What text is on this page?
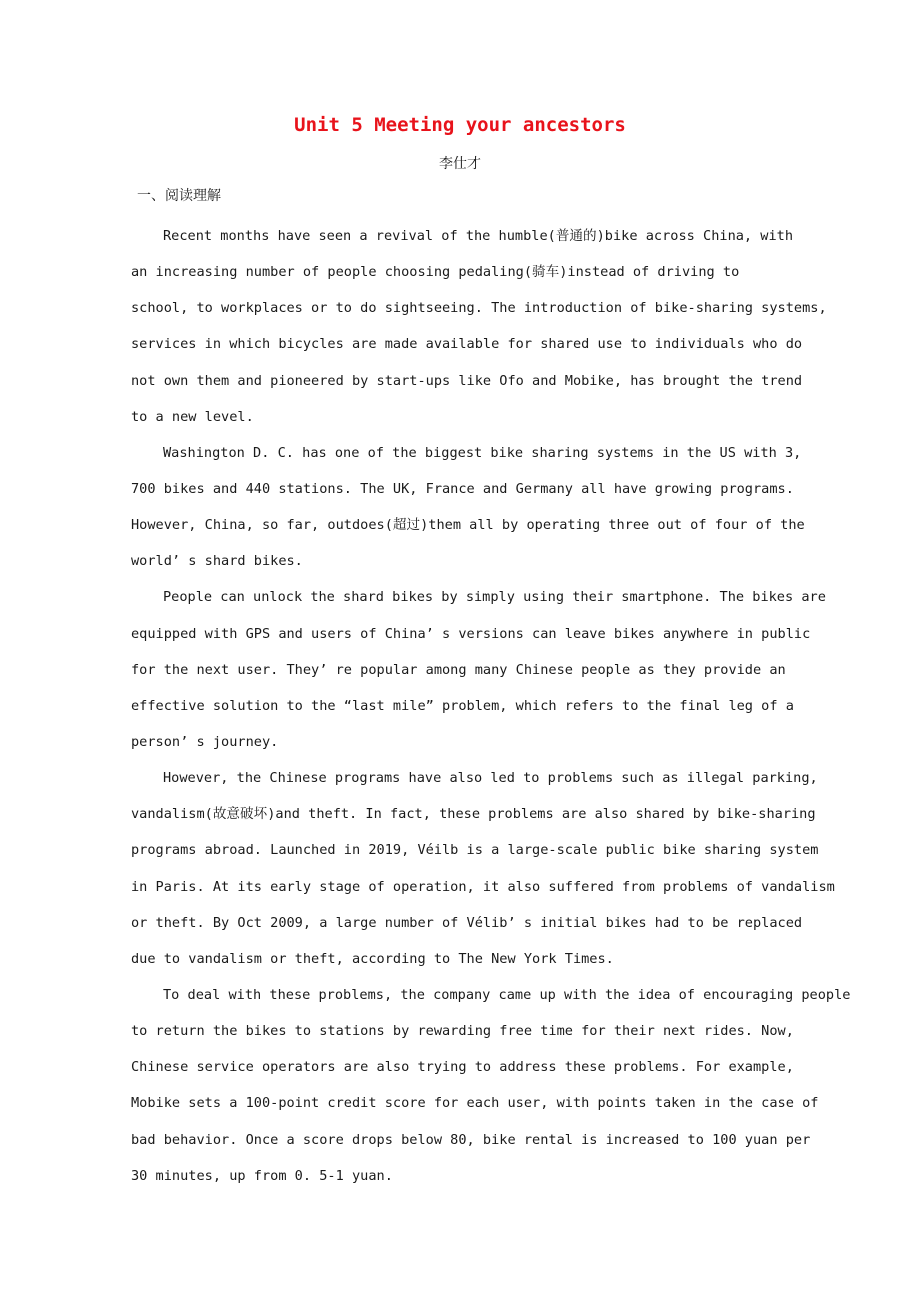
Unit 5 Meeting your ancestors
李仕才
一、阅读理解
Recent months have seen a revival of the humble(普通的)bike across China, with
an increasing number of people choosing pedaling(骑车)instead of driving to
school, to workplaces or to do sightseeing. The introduction of bike-sharing systems,
services in which bicycles are made available for shared use to individuals who do
not own them and pioneered by start-ups like Ofo and Mobike, has brought the trend
to a new level.
Washington D. C. has one of the biggest bike sharing systems in the US with 3,
700 bikes and 440 stations. The UK, France and Germany all have growing programs.
However, China, so far, outdoes(超过)them all by operating three out of four of the
world’ s shard bikes.
People can unlock the shard bikes by simply using their smartphone. The bikes are
equipped with GPS and users of China’ s versions can leave bikes anywhere in public
for the next user. They’ re popular among many Chinese people as they provide an
effective solution to the “last mile” problem, which refers to the final leg of a
person’ s journey.
However, the Chinese programs have also led to problems such as illegal parking,
vandalism(故意破坏)and theft. In fact, these problems are also shared by bike-sharing
programs abroad. Launched in 2019, Véilb is a large-scale public bike sharing system
in Paris. At its early stage of operation, it also suffered from problems of vandalism
or theft. By Oct 2009, a large number of Vélib’ s initial bikes had to be replaced
due to vandalism or theft, according to The New York Times.
To deal with these problems, the company came up with the idea of encouraging people
to return the bikes to stations by rewarding free time for their next rides. Now,
Chinese service operators are also trying to address these problems. For example,
Mobike sets a 100-point credit score for each user, with points taken in the case of
bad behavior. Once a score drops below 80, bike rental is increased to 100 yuan per
30 minutes, up from 0. 5-1 yuan.
